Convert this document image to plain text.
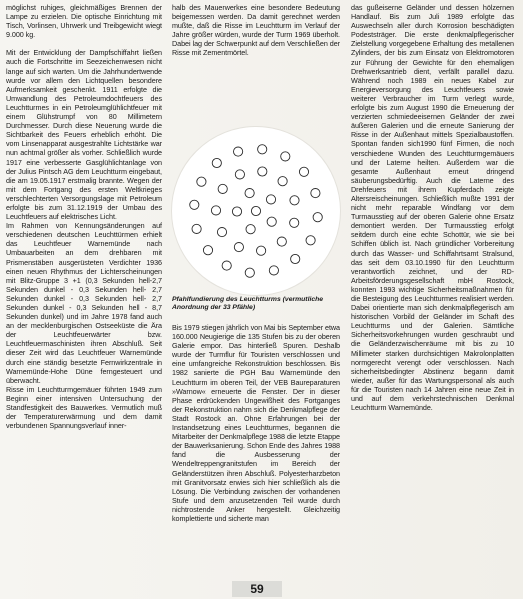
möglichst ruhiges, gleichmäßiges Brennen der Lampe zu erzielen. Die optische Einrichtung mit Tisch, Vorlinsen, Uhrwerk und Treibgewicht wiegt 9.000 kg.

Mit der Entwicklung der Dampfschiffahrt ließen auch die Fortschritte im Seezeichenwesen nicht lange auf sich warten. Um die Jahrhundertwende wurde vor allem den Lichtquellen besondere Aufmerksamkeit geschenkt. 1911 erfolgte die Umwandlung des Petroleumdochtfeuers des Leuchtturmes in ein Petroleumglühlichtfeuer mit einem Glühstrumpf von 80 Millimetern Durchmesser. Durch diese Neuerung wurde die Sichtbarkeit des Feuers erheblich erhöht. Die vom Linsenapparat ausgestrahlte Lichtstärke war nun achtmal größer als vorher. Schließlich wurde 1917 eine verbesserte Gasglühlichtanlage von der Julius Pintsch AG dem Leuchtturm eingebaut, die am 19.05.1917 erstmalig brannte. Wegen der mit dem Fortgang des ersten Weltkrieges verschlechterten Versorgungslage mit Petroleum erfolgte bis zum 31.12.1919 der Umbau des Leuchtfeuers auf elektrisches Licht.

Im Rahmen von Kennungsänderungen auf verschiedenen deutschen Leuchttürmen erhielt das Leuchtfeuer Warnemünde nach Umbauarbeiten an dem drehbaren mit Prismenstäben ausgerüsteten Verdichter 1936 einen neuen Rhythmus der Lichterscheinungen mit Blitz-Gruppe 3 +1 (0,3 Sekunden hell-2,7 Sekunden dunkel - 0,3 Sekunden hell- 2,7 Sekunden dunkel - 0,3 Sekunden hell- 2,7 Sekunden dunkel - 0,3 Sekunden hell - 8,7 Sekunden dunkel) und im Jahre 1978 fand auch an der mecklenburgischen Ostseeküste die Ära der Leuchtfeuerwärter bzw. Leuchtfeuermaschinisten ihren Abschluß. Seit dieser Zeit wird das Leuchtfeuer Warnemünde durch eine ständig besetzte Fernwirkzentrale in Warnemünde-Hohe Düne ferngesteuert und überwacht.

Risse im Leuchtturmgemäuer führten 1949 zum Beginn einer intensiven Untersuchung der Standfestigkeit des Bauwerkes. Vermutlich muß der Temperaturerwärmung und dem damit verbundenen Spannungsverlauf inner-

halb des Mauerwerkes eine besondere Bedeutung beigemessen werden. Da damit gerechnet werden mußte, daß die Risse im Leuchtturm im Verlauf der Jahre größer würden, wurde der Turm 1969 überholt. Dabei lag der Schwerpunkt auf dem Verschließen der Risse mit Zementmörtel.

Pfahlfundierung des Leuchtturms (vermutliche Anordnung der 33 Pfähle)

Bis 1979 stiegen jährlich von Mai bis September etwa 160.000 Neugierige die 135 Stufen bis zu der oberen Galerie empor. Das hinterließ Spuren. Deshalb wurde der Turmflur für Touristen verschlossen und eine umfangreiche Rekonstruktion beschlossen. Bis 1982 sanierte die PGH Bau Warnemünde den Leuchtturm im oberen Teil, der VEB Baureparaturen »Warnow« erneuerte die Fenster. Der in dieser Phase erdrückenden Ungewißheit des Fortganges der Rekonstruktion nahm sich die Denkmalpflege der Stadt Rostock an. Ohne Erfahrungen bei der Instandsetzung eines Leuchtturmes, begannen die Mitarbeiter der Denkmalpflege 1988 die letzte Etappe der Bauwerksanierung. Schon Ende des Jahres 1988 fand die Ausbesserung der Wendeltreppengranitstufen im Bereich der Geländerstützen ihren Abschluß. Polyesterharzbeton mit Granitvorsatz erwies sich hier schließlich als die Lösung. Die Verbindung zwischen der vorhandenen Stufe und dem anzusetzenden Teil wurde durch nichtrostende Anker hergestellt. Gleichzeitig komplettierte und sicherte man

das gußeiserne Geländer und dessen hölzernen Handlauf. Bis zum Juli 1989 erfolgte das Auswechseln aller durch Korrosion beschädigten Podeststräger. Die erste denkmalpflegerischer Zielstellung vorgegebene Erhaltung des metallenen Zylinders, der bis zum Einsatz von Elektromotoren zur Führung der Gewichte für den ehemaligen Drehwerksantrieb dient, verfällt parallel dazu. Während noch 1989 ein neues Kabel zur Energieversorgung des Leuchtfeuers sowie weiterer Verbraucher im Turm verlegt wurde, erfolgte bis zum August 1990 die Erneuerung der verzierten schmiedeeisernen Geländer der zwei äußeren Galerien und die erneute Sanierung der Risse in der Außenhaut mittels Spezialbaustoffen. Spontan fanden sich1990 fünf Firmen, die noch verschiedene Wunden des Leuchtturmgemäuers und der Laterne heilten. Außerdem war die gesamte Außenhaut erneut dringend säuberungsbedürftig. Auch die Laterne des Drehfeuers mit ihrem Kupferdach zeigte Altersreischeinungen. Schließlich mußte 1991 der nicht mehr reparable Windfang vor dem Turmausstieg auf der oberen Galerie ohne Ersatz demontiert werden. Der Turmausstieg erfolgt seitdem durch eine echte Schottür, wie sie bei Schiffen üblich ist. Nach gründlicher Vorbereitung durch das Wasser- und Schiffahrtsamt Stralsund, das seit dem 03.10.1990 für den Leuchtturm verantwortlich zeichnet, und der RD-Arbeitsförderungsgesellschaft mbH Rostock, konnten 1993 wichtige Sicherheitsmaßnahmen für die Besteigung des Leuchtturmes realisiert werden. Dabei orientierte man sich denkmalpflegerisch am historischen Vorbild der Geländer im Schaft des Leuchtturms und der Galerien. Sämtliche Sicherheitsvorkehrungen wurden geschraubt und die Geländerzwischenräume mit bis zu 10 Millimeter starken durchsichtigen Makrolonplatten normgerecht verengt oder verschlossen. Nach sicherheitsbedingter Abstinenz begann damit wieder, außer für das Wartungspersonal als auch für die Touristen nach 14 Jahren eine neue Zeit in und auf dem verkehrstechnischen Denkmal Leuchtturm Warnemünde.

59
